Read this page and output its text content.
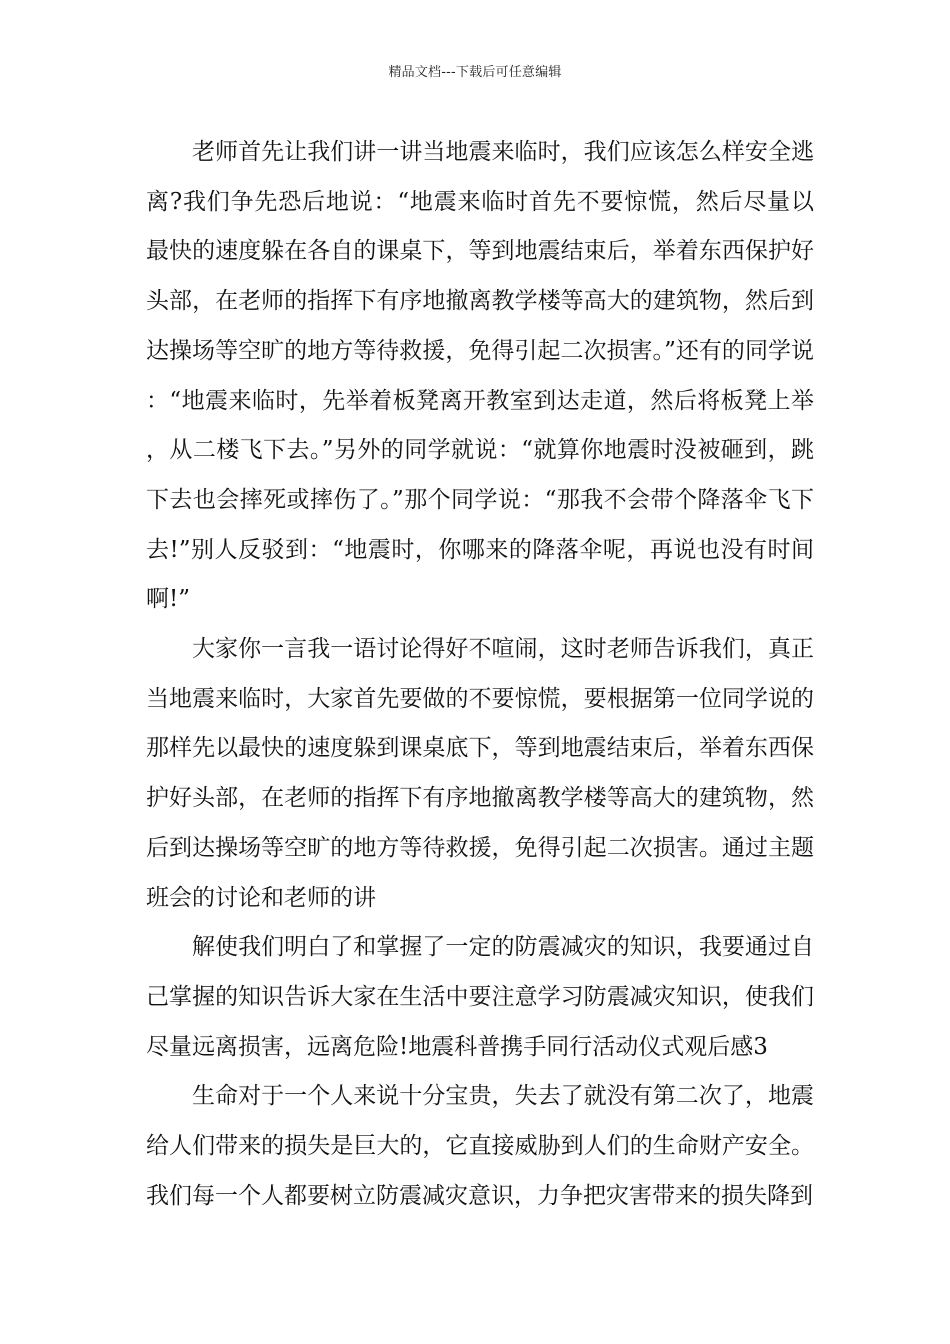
精品文档---下载后可任意编辑

老师首先让我们讲一讲当地震来临时，我们应该怎么样安全逃离?我们争先恐后地说：“地震来临时首先不要惊慌，然后尽量以最快的速度躲在各自的课桌下，等到地震结束后，举着东西保护好头部，在老师的指挥下有序地撤离教学楼等高大的建筑物，然后到达操场等空旷的地方等待救援，免得引起二次损害。”还有的同学说：“地震来临时，先举着板凳离开教室到达走道，然后将板凳上举，从二楼飞下去。”另外的同学就说：“就算你地震时没被砸到，跳下去也会摔死或摔伤了。”那个同学说：“那我不会带个降落伞飞下去!”别人反驳到：“地震时，你哪来的降落伞呢，再说也没有时间啊!”

大家你一言我一语讨论得好不喧闹，这时老师告诉我们，真正当地震来临时，大家首先要做的不要惊慌，要根据第一位同学说的那样先以最快的速度躲到课桌底下，等到地震结束后，举着东西保护好头部，在老师的指挥下有序地撤离教学楼等高大的建筑物，然后到达操场等空旷的地方等待救援，免得引起二次损害。通过主题班会的讨论和老师的讲

解使我们明白了和掌握了一定的防震减灾的知识，我要通过自己掌握的知识告诉大家在生活中要注意学习防震减灾知识，使我们尽量远离损害，远离危险!地震科普携手同行活动仪式观后感3

生命对于一个人来说十分宝贵，失去了就没有第二次了，地震给人们带来的损失是巨大的，它直接威胁到人们的生命财产安全。我们每一个人都要树立防震减灾意识，力争把灾害带来的损失降到
